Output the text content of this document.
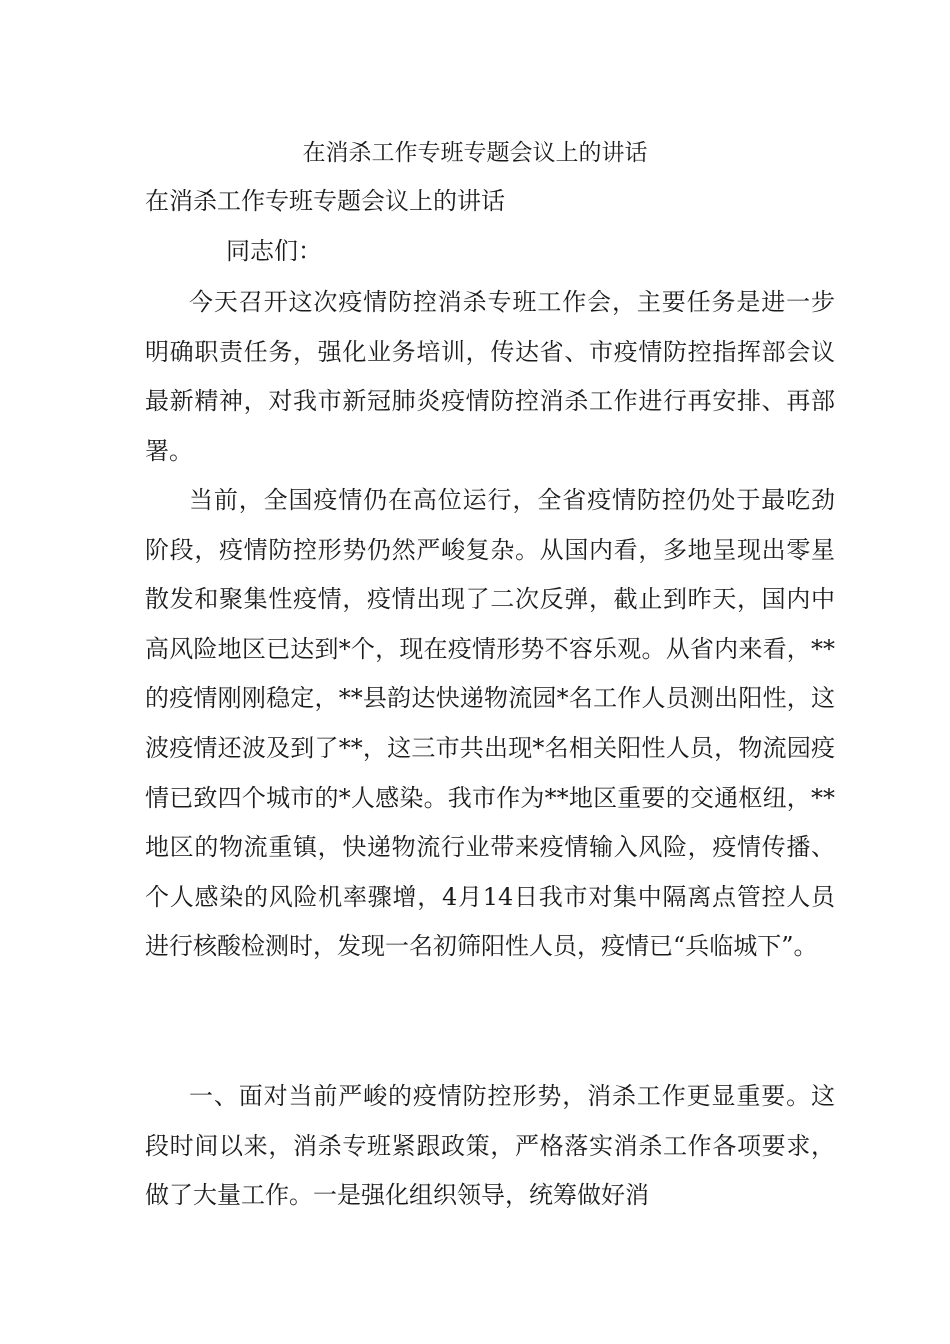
在消杀工作专班专题会议上的讲话
在消杀工作专班专题会议上的讲话
同志们：

今天召开这次疫情防控消杀专班工作会，主要任务是进一步明确职责任务，强化业务培训，传达省、市疫情防控指挥部会议最新精神，对我市新冠肺炎疫情防控消杀工作进行再安排、再部署。

当前，全国疫情仍在高位运行，全省疫情防控仍处于最吃劲阶段，疫情防控形势仍然严峻复杂。从国内看，多地呈现出零星散发和聚集性疫情，疫情出现了二次反弹，截止到昨天，国内中高风险地区已达到*个，现在疫情形势不容乐观。从省内来看，**的疫情刚刚稳定，**县韵达快递物流园*名工作人员测出阳性，这波疫情还波及到了**，这三市共出现*名相关阳性人员，物流园疫情已致四个城市的*人感染。我市作为**地区重要的交通枢纽，**地区的物流重镇，快递物流行业带来疫情输入风险，疫情传播、个人感染的风险机率骤增，4月14日我市对集中隔离点管控人员进行核酸检测时，发现一名初筛阳性人员，疫情已“兵临城下”。

一、面对当前严峻的疫情防控形势，消杀工作更显重要。这段时间以来，消杀专班紧跟政策，严格落实消杀工作各项要求，做了大量工作。一是强化组织领导，统筹做好消
